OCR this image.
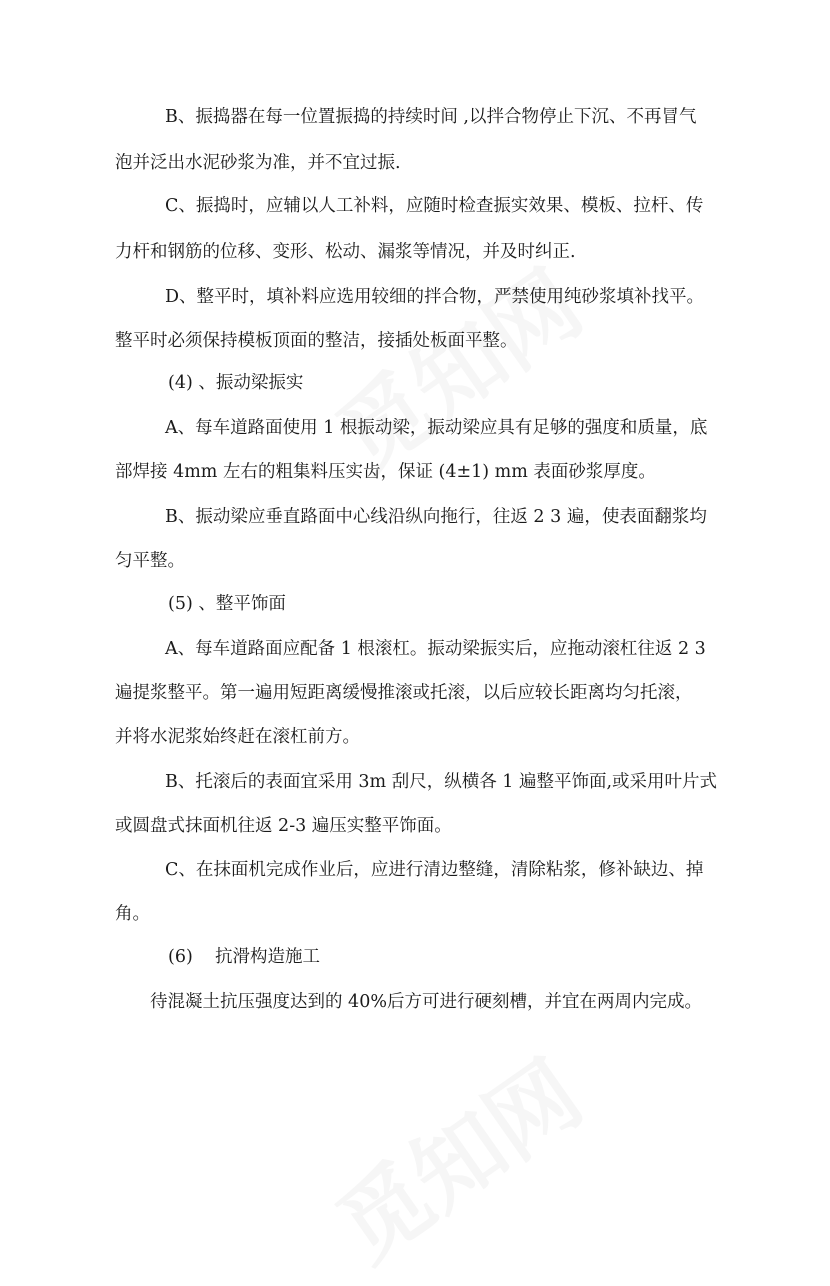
B、振捣器在每一位置振捣的持续时间 ,以拌合物停止下沉、不再冒气

泡并泛出水泥砂浆为准，并不宜过振.

C、振捣时，应辅以人工补料，应随时检查振实效果、模板、拉杆、传

力杆和钢筋的位移、变形、松动、漏浆等情况，并及时纠正.

D、整平时，填补料应选用较细的拌合物，严禁使用纯砂浆填补找平。

整平时必须保持模板顶面的整洁，接插处板面平整。

(4) 、振动梁振实

A、每车道路面使用 1 根振动梁，振动梁应具有足够的强度和质量，底

部焊接 4mm 左右的粗集料压实齿，保证 (4±1) mm 表面砂浆厚度。

B、振动梁应垂直路面中心线沿纵向拖行，往返 2 3 遍，使表面翻浆均

匀平整。

(5) 、整平饰面

A、每车道路面应配备 1 根滚杠。振动梁振实后，应拖动滚杠往返 2 3

遍提浆整平。第一遍用短距离缓慢推滚或托滚，以后应较长距离均匀托滚，

并将水泥浆始终赶在滚杠前方。

B、托滚后的表面宜采用 3m 刮尺，纵横各 1 遍整平饰面,或采用叶片式

或圆盘式抹面机往返 2-3 遍压实整平饰面。

C、在抹面机完成作业后，应进行清边整缝，清除粘浆，修补缺边、掉

角。

(6)    抗滑构造施工

待混凝土抗压强度达到的 40%后方可进行硬刻槽，并宜在两周内完成。
